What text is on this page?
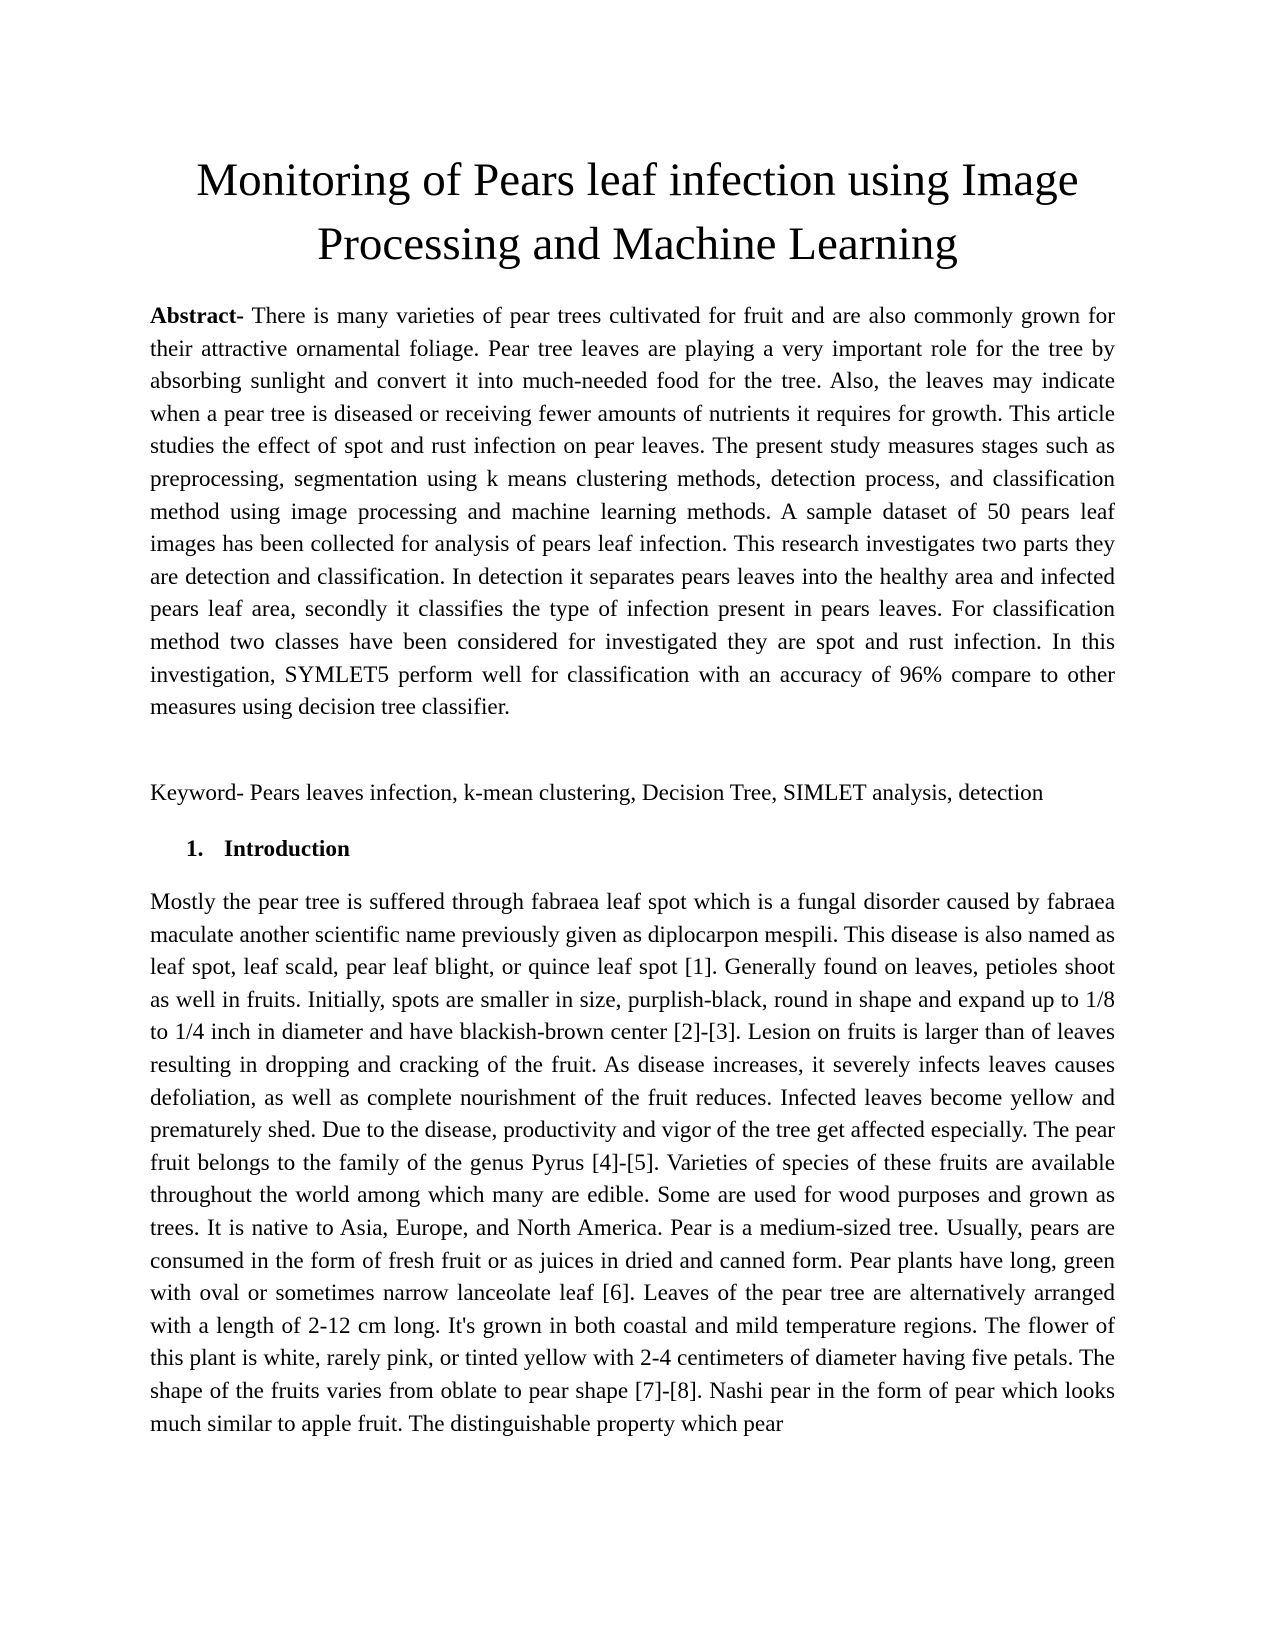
Monitoring of Pears leaf infection using Image
Processing and Machine Learning

Abstract- There is many varieties of pear trees cultivated for fruit and are also commonly grown for their attractive ornamental foliage. Pear tree leaves are playing a very important role for the tree by absorbing sunlight and convert it into much-needed food for the tree. Also, the leaves may indicate when a pear tree is diseased or receiving fewer amounts of nutrients it requires for growth. This article studies the effect of spot and rust infection on pear leaves. The present study measures stages such as preprocessing, segmentation using k means clustering methods, detection process, and classification method using image processing and machine learning methods. A sample dataset of 50 pears leaf images has been collected for analysis of pears leaf infection. This research investigates two parts they are detection and classification. In detection it separates pears leaves into the healthy area and infected pears leaf area, secondly it classifies the type of infection present in pears leaves. For classification method two classes have been considered for investigated they are spot and rust infection. In this investigation, SYMLET5 perform well for classification with an accuracy of 96% compare to other measures using decision tree classifier.

Keyword- Pears leaves infection, k-mean clustering, Decision Tree, SIMLET analysis, detection

1. Introduction

Mostly the pear tree is suffered through fabraea leaf spot which is a fungal disorder caused by fabraea maculate another scientific name previously given as diplocarpon mespili. This disease is also named as leaf spot, leaf scald, pear leaf blight, or quince leaf spot [1]. Generally found on leaves, petioles shoot as well in fruits. Initially, spots are smaller in size, purplish-black, round in shape and expand up to 1/8 to 1/4 inch in diameter and have blackish-brown center [2]-[3]. Lesion on fruits is larger than of leaves resulting in dropping and cracking of the fruit. As disease increases, it severely infects leaves causes defoliation, as well as complete nourishment of the fruit reduces. Infected leaves become yellow and prematurely shed. Due to the disease, productivity and vigor of the tree get affected especially. The pear fruit belongs to the family of the genus Pyrus [4]-[5]. Varieties of species of these fruits are available throughout the world among which many are edible. Some are used for wood purposes and grown as trees. It is native to Asia, Europe, and North America. Pear is a medium-sized tree. Usually, pears are consumed in the form of fresh fruit or as juices in dried and canned form. Pear plants have long, green with oval or sometimes narrow lanceolate leaf [6]. Leaves of the pear tree are alternatively arranged with a length of 2-12 cm long. It's grown in both coastal and mild temperature regions. The flower of this plant is white, rarely pink, or tinted yellow with 2-4 centimeters of diameter having five petals. The shape of the fruits varies from oblate to pear shape [7]-[8]. Nashi pear in the form of pear which looks much similar to apple fruit. The distinguishable property which pear
